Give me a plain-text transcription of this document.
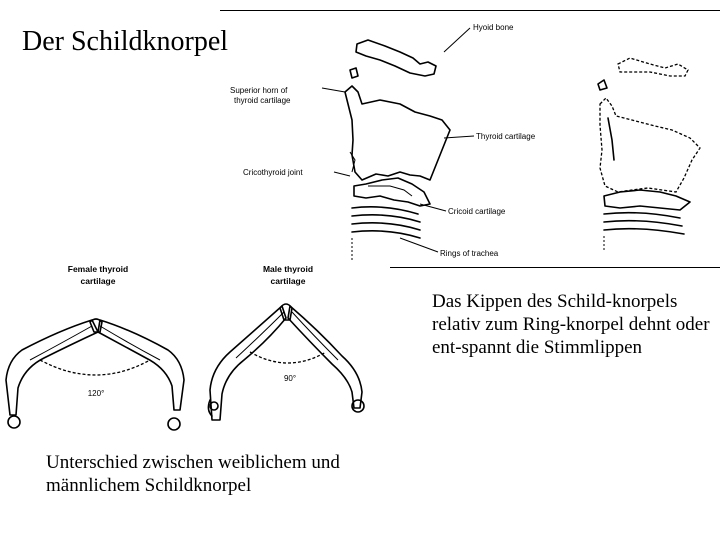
Der Schildknorpel	Hyoid bone
Superior horn of
thyroid cartilage
Thyroid cartilage
Cricothyroid joint
Cricoid cartilage
Rings of trachea
Female thyroid
cartilage
120°
Male thyroid
cartilage
90°
Das Kippen des Schild-knorpels relativ zum Ring-knorpel dehnt oder ent-spannt die Stimmlippen
Unterschied zwischen weiblichem und männlichem Schildknorpel
